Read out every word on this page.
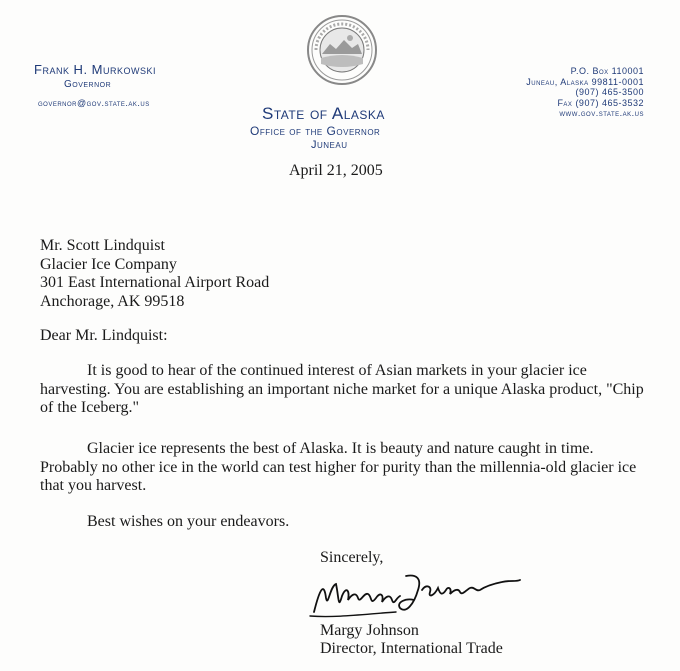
Frank H. Murkowski
Governor
governor@gov.state.ak.us
State of Alaska
Office of the Governor
Juneau
P.O. Box 110001
Juneau, Alaska 99811-0001
(907) 465-3500
Fax (907) 465-3532
www.gov.state.ak.us
April 21, 2005
Mr. Scott Lindquist
Glacier Ice Company
301 East International Airport Road
Anchorage, AK 99518
Dear Mr. Lindquist:

It is good to hear of the continued interest of Asian markets in your glacier ice harvesting. You are establishing an important niche market for a unique Alaska product, "Chip of the Iceberg."

Glacier ice represents the best of Alaska. It is beauty and nature caught in time. Probably no other ice in the world can test higher for purity than the millennia-old glacier ice that you harvest.

Best wishes on your endeavors.
Sincerely,
Margy Johnson
Director, International Trade
